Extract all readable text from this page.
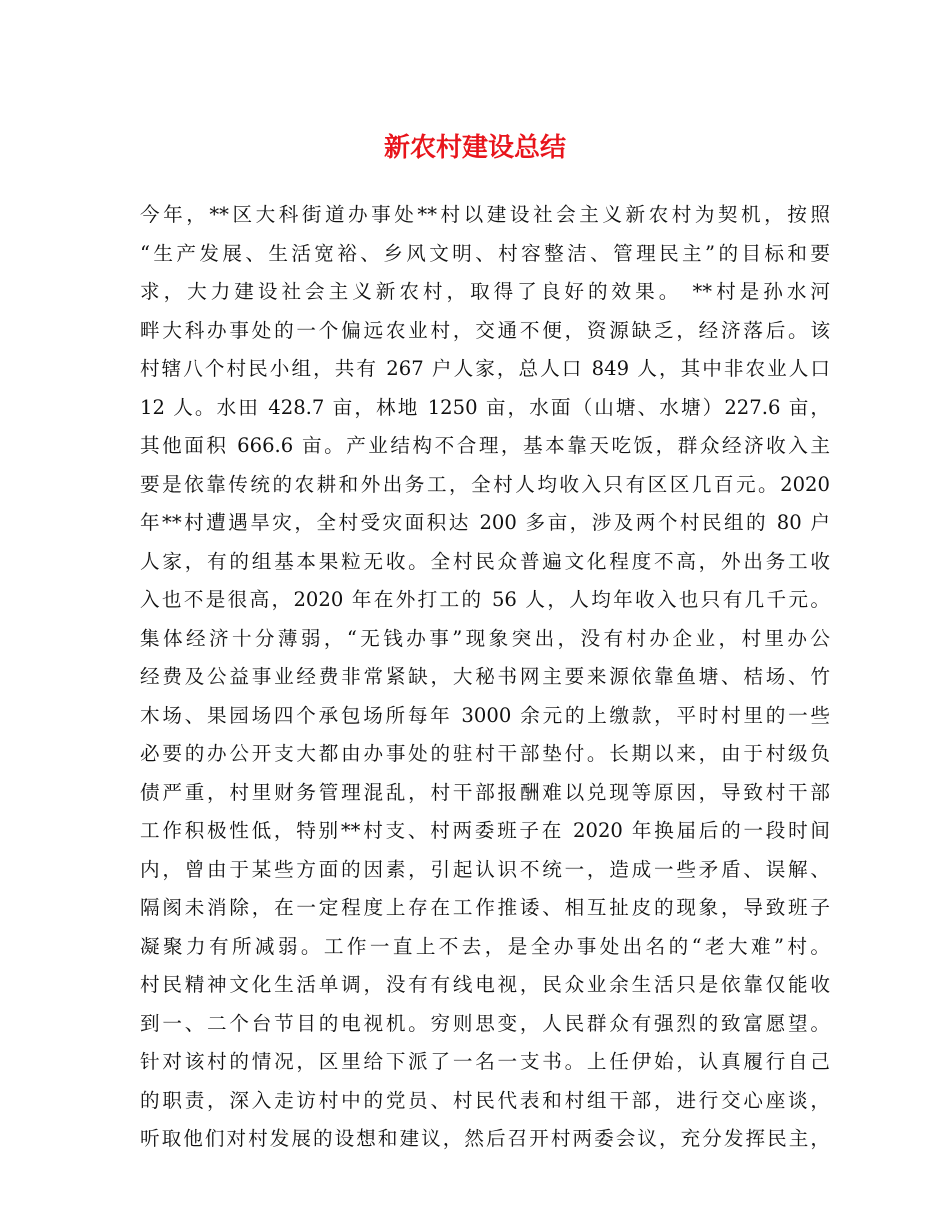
新农村建设总结
今年，**区大科街道办事处**村以建设社会主义新农村为契机，按照
“生产发展、生活宽裕、乡风文明、村容整洁、管理民主”的目标和要
求，大力建设社会主义新农村，取得了良好的效果。 **村是孙水河
畔大科办事处的一个偏远农业村，交通不便，资源缺乏，经济落后。该
村辖八个村民小组，共有 267 户人家，总人口 849 人，其中非农业人口
12 人。水田 428.7 亩，林地 1250 亩，水面（山塘、水塘）227.6 亩，
其他面积 666.6 亩。产业结构不合理，基本靠天吃饭，群众经济收入主
要是依靠传统的农耕和外出务工，全村人均收入只有区区几百元。2020
年**村遭遇旱灾，全村受灾面积达 200 多亩，涉及两个村民组的 80 户
人家，有的组基本果粒无收。全村民众普遍文化程度不高，外出务工收
入也不是很高，2020 年在外打工的 56 人，人均年收入也只有几千元。
集体经济十分薄弱，“无钱办事”现象突出，没有村办企业，村里办公
经费及公益事业经费非常紧缺，大秘书网主要来源依靠鱼塘、桔场、竹
木场、果园场四个承包场所每年 3000 余元的上缴款，平时村里的一些
必要的办公开支大都由办事处的驻村干部垫付。长期以来，由于村级负
债严重，村里财务管理混乱，村干部报酬难以兑现等原因，导致村干部
工作积极性低，特别**村支、村两委班子在 2020 年换届后的一段时间
内，曾由于某些方面的因素，引起认识不统一，造成一些矛盾、误解、
隔阂未消除，在一定程度上存在工作推诿、相互扯皮的现象，导致班子
凝聚力有所减弱。工作一直上不去，是全办事处出名的“老大难”村。
村民精神文化生活单调，没有有线电视，民众业余生活只是依靠仅能收
到一、二个台节目的电视机。穷则思变，人民群众有强烈的致富愿望。
针对该村的情况，区里给下派了一名一支书。上任伊始，认真履行自己
的职责，深入走访村中的党员、村民代表和村组干部，进行交心座谈，
听取他们对村发展的设想和建议，然后召开村两委会议，充分发挥民主，
